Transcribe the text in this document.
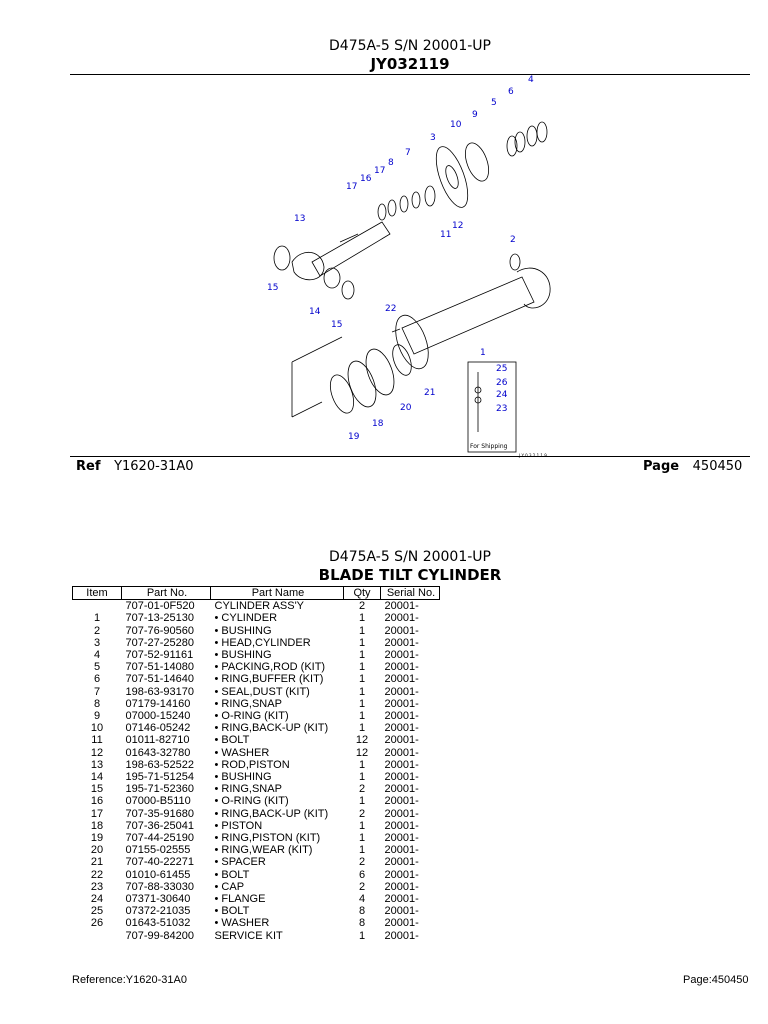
D475A-5 S/N 20001-UP
JY032119
For Shipping
J Y 0 3 2 1 1 9
1
2
3
4
5
6
7
8
9
10
11
12
13
14
15
15
16
17
17
18
19
20
21
22
23
24
25
26
Ref Y1620-31A0	Page 450450
D475A-5 S/N 20001-UP
BLADE TILT CYLINDER
Item	Part No.	Part Name	Qty	Serial No.
	707-01-0F520	CYLINDER ASS'Y	2	20001-
1	707-13-25130	• CYLINDER	1	20001-
2	707-76-90560	• BUSHING	1	20001-
3	707-27-25280	• HEAD,CYLINDER	1	20001-
4	707-52-91161	• BUSHING	1	20001-
5	707-51-14080	• PACKING,ROD (KIT)	1	20001-
6	707-51-14640	• RING,BUFFER (KIT)	1	20001-
7	198-63-93170	• SEAL,DUST (KIT)	1	20001-
8	07179-14160	• RING,SNAP	1	20001-
9	07000-15240	• O-RING (KIT)	1	20001-
10	07146-05242	• RING,BACK-UP (KIT)	1	20001-
11	01011-82710	• BOLT	12	20001-
12	01643-32780	• WASHER	12	20001-
13	198-63-52522	• ROD,PISTON	1	20001-
14	195-71-51254	• BUSHING	1	20001-
15	195-71-52360	• RING,SNAP	2	20001-
16	07000-B5110	• O-RING (KIT)	1	20001-
17	707-35-91680	• RING,BACK-UP (KIT)	2	20001-
18	707-36-25041	• PISTON	1	20001-
19	707-44-25190	• RING,PISTON (KIT)	1	20001-
20	07155-02555	• RING,WEAR (KIT)	1	20001-
21	707-40-22271	• SPACER	2	20001-
22	01010-61455	• BOLT	6	20001-
23	707-88-33030	• CAP	2	20001-
24	07371-30640	• FLANGE	4	20001-
25	07372-21035	• BOLT	8	20001-
26	01643-51032	• WASHER	8	20001-
	707-99-84200	SERVICE KIT	1	20001-
Reference:Y1620-31A0	Page:450450
